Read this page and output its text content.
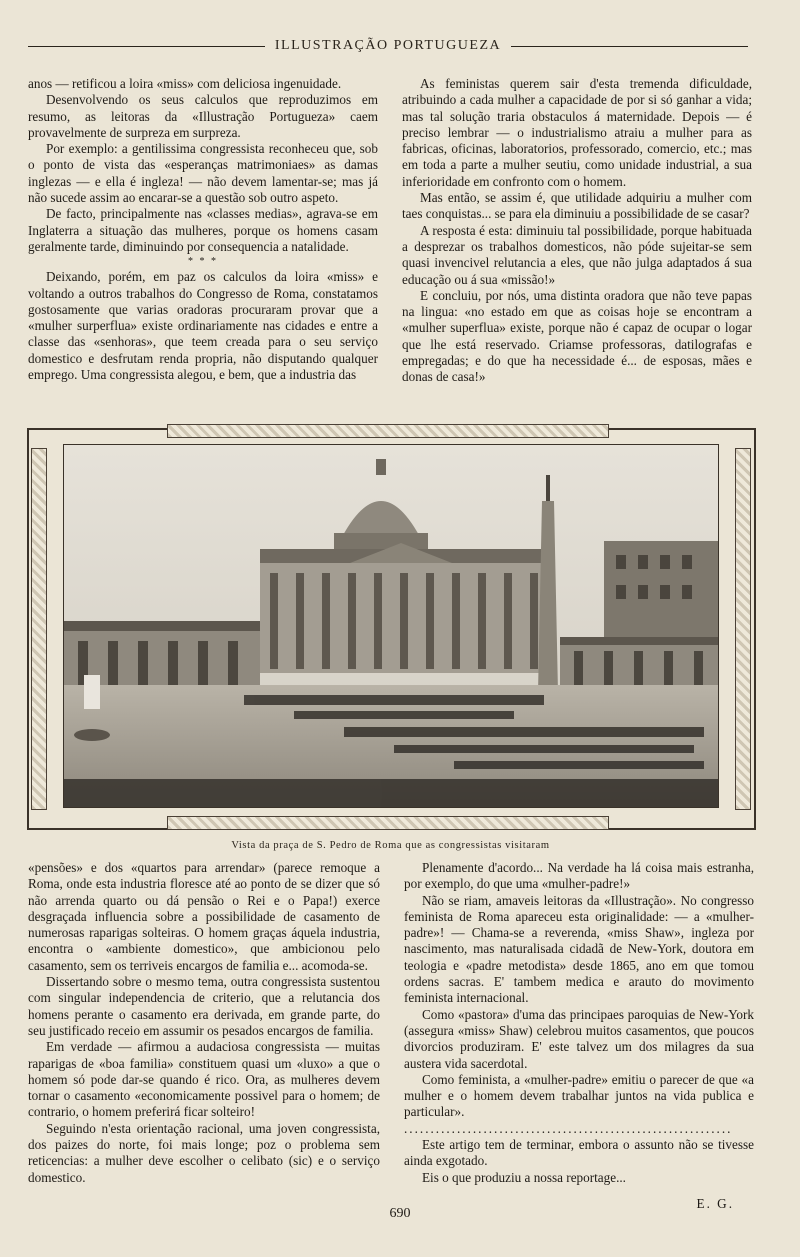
ILLUSTRAÇÃO PORTUGUEZA

anos — retificou a loira «miss» com deliciosa ingenuidade.

Desenvolvendo os seus calculos que reproduzimos em resumo, as leitoras da «Illustração Portugueza» caem provavelmente de surpreza em surpreza.

Por exemplo: a gentilissima congressista reconheceu que, sob o ponto de vista das «esperanças matrimoniaes» as damas inglezas — e ella é ingleza! — não devem lamentar-se; mas já não sucede assim ao encarar-se a questão sob outro aspeto.

De facto, principalmente nas «classes medias», agrava-se em Inglaterra a situação das mulheres, porque os homens casam geralmente tarde, diminuindo por consequencia a natalidade.

* * *

Deixando, porém, em paz os calculos da loira «miss» e voltando a outros trabalhos do Congresso de Roma, constatamos gostosamente que varias oradoras procuraram provar que a «mulher surperflua» existe ordinariamente nas cidades e entre a classe das «senhoras», que teem creada para o seu serviço domestico e desfrutam renda propria, não disputando qualquer emprego. Uma congressista alegou, e bem, que a industria das

As feministas querem sair d'esta tremenda dificuldade, atribuindo a cada mulher a capacidade de por si só ganhar a vida; mas tal solução traria obstaculos á maternidade. Depois — é preciso lembrar — o industrialismo atraiu a mulher para as fabricas, oficinas, laboratorios, professorado, comercio, etc.; mas em toda a parte a mulher seutiu, como unidade industrial, a sua inferioridade em confronto com o homem.

Mas então, se assim é, que utilidade adquiriu a mulher com taes conquistas... se para ela diminuiu a possibilidade de se casar?

A resposta é esta: diminuiu tal possibilidade, porque habituada a desprezar os trabalhos domesticos, não póde sujeitar-se sem quasi invencivel relutancia a eles, que não julga adaptados á sua educação ou á sua «missão!»

E concluiu, por nós, uma distinta oradora que não teve papas na lingua: «no estado em que as coisas hoje se encontram a «mulher superflua» existe, porque não é capaz de ocupar o logar que lhe está reservado. Criamse professoras, datilografas e empregadas; e do que ha necessidade é... de esposas, mães e donas de casa!»

Vista da praça de S. Pedro de Roma que as congressistas visitaram

«pensões» e dos «quartos para arrendar» (parece remoque a Roma, onde esta industria floresce até ao ponto de se dizer que só não arrenda quarto ou dá pensão o Rei e o Papa!) exerce desgraçada influencia sobre a possibilidade de casamento de numerosas raparigas solteiras. O homem graças áquela industria, encontra o «ambiente domestico», que ambicionou pelo casamento, sem os terriveis encargos de familia e... acomoda-se.

Dissertando sobre o mesmo tema, outra congressista sustentou com singular independencia de criterio, que a relutancia dos homens perante o casamento era derivada, em grande parte, do seu justificado receio em assumir os pesados encargos de familia.

Em verdade — afirmou a audaciosa congressista — muitas raparigas de «boa familia» constituem quasi um «luxo» a que o homem só pode dar-se quando é rico. Ora, as mulheres devem tornar o casamento «economicamente possivel para o homem; de contrario, o homem preferirá ficar solteiro!

Seguindo n'esta orientação racional, uma joven congressista, dos paizes do norte, foi mais longe; poz o problema sem reticencias: a mulher deve escolher o celibato (sic) e o serviço domestico.

Plenamente d'acordo... Na verdade ha lá coisa mais estranha, por exemplo, do que uma «mulher-padre!»

Não se riam, amaveis leitoras da «Illustração». No congresso feminista de Roma apareceu esta originalidade: — a «mulher-padre»! — Chama-se a reverenda, «miss Shaw», ingleza por nascimento, mas naturalisada cidadã de New-York, doutora em teologia e «padre metodista» desde 1865, ano em que tomou ordens sacras. E' tambem medica e arauto do movimento feminista internacional.

Como «pastora» d'uma das principaes paroquias de New-York (assegura «miss» Shaw) celebrou muitos casamentos, que poucos divorcios produziram. E' este talvez um dos milagres da sua austera vida sacerdotal.

Como feminista, a «mulher-padre» emitiu o parecer de que «a mulher e o homem devem trabalhar juntos na vida publica e particular».

..............................................................

Este artigo tem de terminar, embora o assunto não se tivesse ainda exgotado.

Eis o que produziu a nossa reportage...

E. G.
690
